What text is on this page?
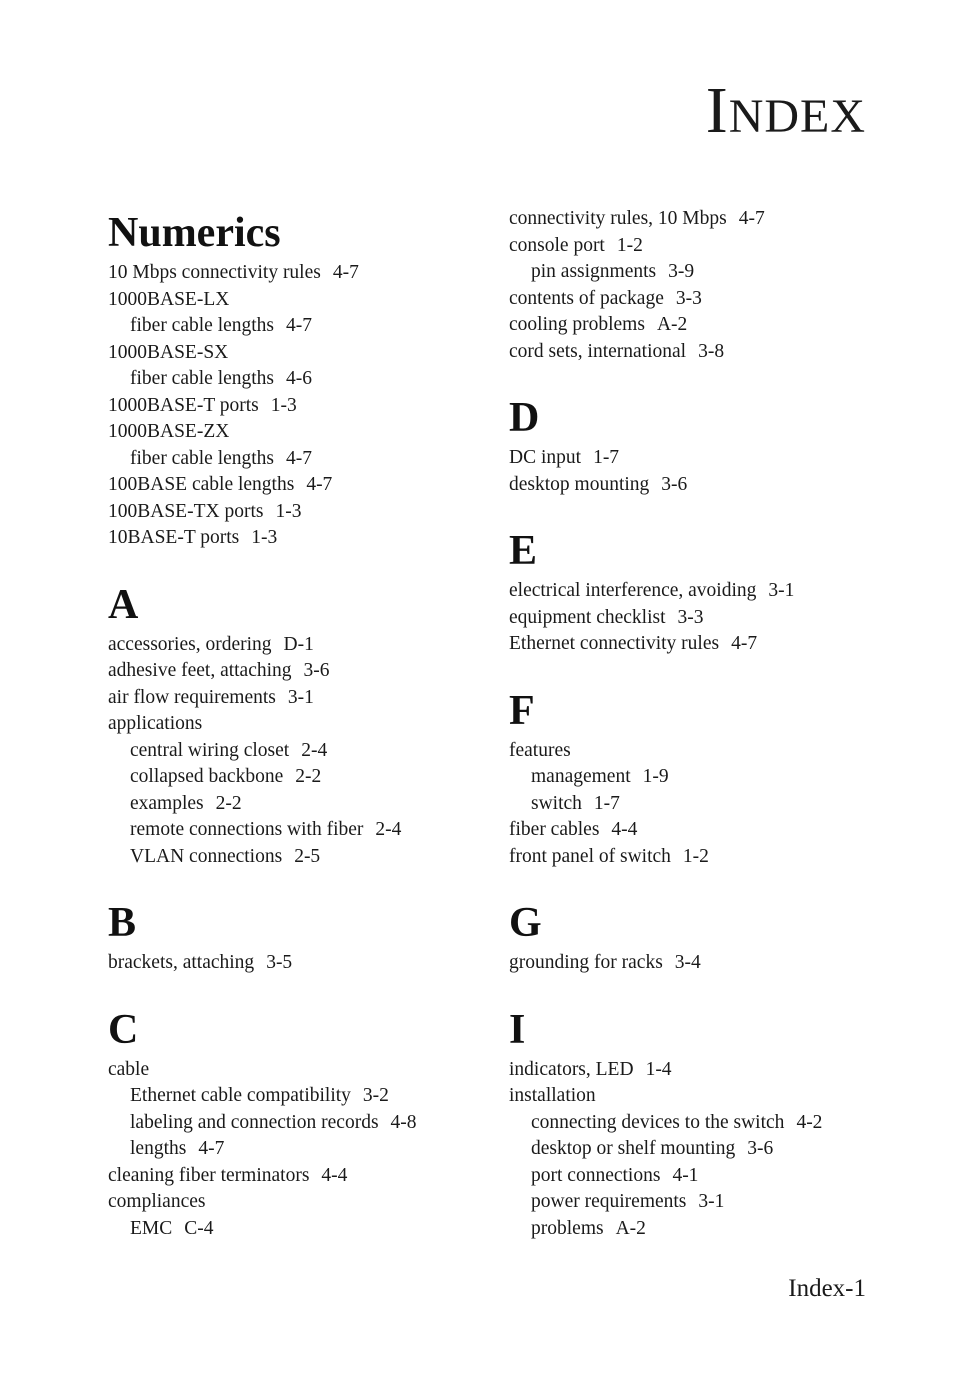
INDEX
Numerics
10 Mbps connectivity rules 4-7
1000BASE-LX
fiber cable lengths 4-7
1000BASE-SX
fiber cable lengths 4-6
1000BASE-T ports 1-3
1000BASE-ZX
fiber cable lengths 4-7
100BASE cable lengths 4-7
100BASE-TX ports 1-3
10BASE-T ports 1-3
A
accessories, ordering D-1
adhesive feet, attaching 3-6
air flow requirements 3-1
applications
central wiring closet 2-4
collapsed backbone 2-2
examples 2-2
remote connections with fiber 2-4
VLAN connections 2-5
B
brackets, attaching 3-5
C
cable
Ethernet cable compatibility 3-2
labeling and connection records 4-8
lengths 4-7
cleaning fiber terminators 4-4
compliances
EMC C-4
connectivity rules, 10 Mbps 4-7
console port 1-2
pin assignments 3-9
contents of package 3-3
cooling problems A-2
cord sets, international 3-8
D
DC input 1-7
desktop mounting 3-6
E
electrical interference, avoiding 3-1
equipment checklist 3-3
Ethernet connectivity rules 4-7
F
features
management 1-9
switch 1-7
fiber cables 4-4
front panel of switch 1-2
G
grounding for racks 3-4
I
indicators, LED 1-4
installation
connecting devices to the switch 4-2
desktop or shelf mounting 3-6
port connections 4-1
power requirements 3-1
problems A-2
Index-1
